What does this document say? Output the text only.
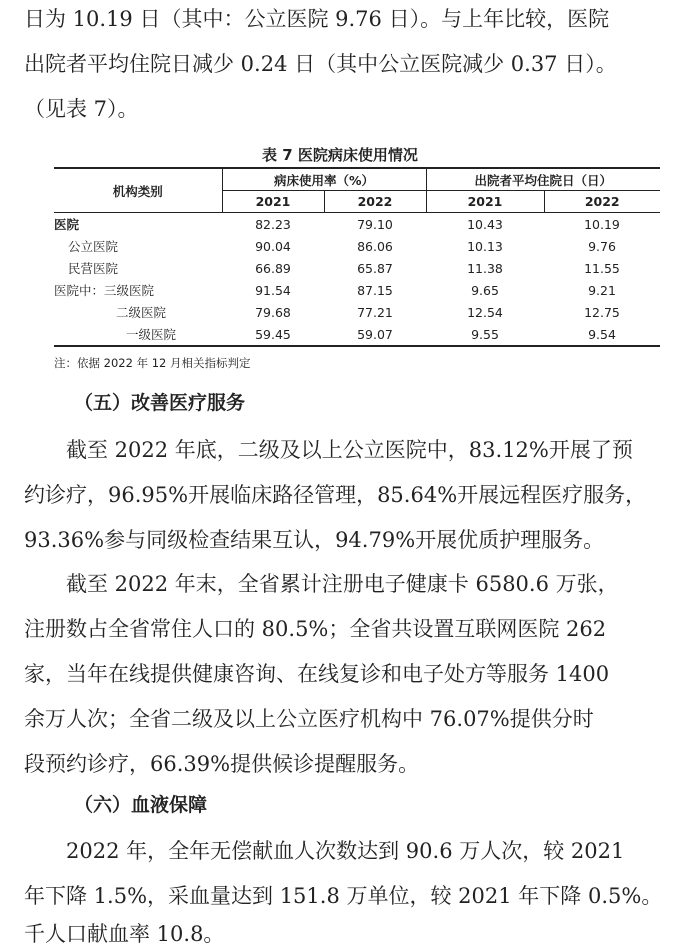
日为 10.19 日（其中：公立医院 9.76 日）。与上年比较，医院
出院者平均住院日减少 0.24 日（其中公立医院减少 0.37 日）。
（见表 7）。
表 7 医院病床使用情况
机构类别	病床使用率（%）		出院者平均住院日（日）	
	2021	2022	2021	2022
医院	82.23	79.10	10.43	10.19
公立医院	90.04	86.06	10.13	9.76
民营医院	66.89	65.87	11.38	11.55
医院中：三级医院	91.54	87.15	9.65	9.21
二级医院	79.68	77.21	12.54	12.75
一级医院	59.45	59.07	9.55	9.54
注：依据 2022 年 12 月相关指标判定
（五）改善医疗服务
截至 2022 年底，二级及以上公立医院中，83.12%开展了预
约诊疗，96.95%开展临床路径管理，85.64%开展远程医疗服务，
93.36%参与同级检查结果互认，94.79%开展优质护理服务。
截至 2022 年末，全省累计注册电子健康卡 6580.6 万张，
注册数占全省常住人口的 80.5%；全省共设置互联网医院 262
家，当年在线提供健康咨询、在线复诊和电子处方等服务 1400
余万人次；全省二级及以上公立医疗机构中 76.07%提供分时
段预约诊疗，66.39%提供候诊提醒服务。
（六）血液保障
2022 年，全年无偿献血人次数达到 90.6 万人次，较 2021
年下降 1.5%，采血量达到 151.8 万单位，较 2021 年下降 0.5%。
千人口献血率 10.8。
